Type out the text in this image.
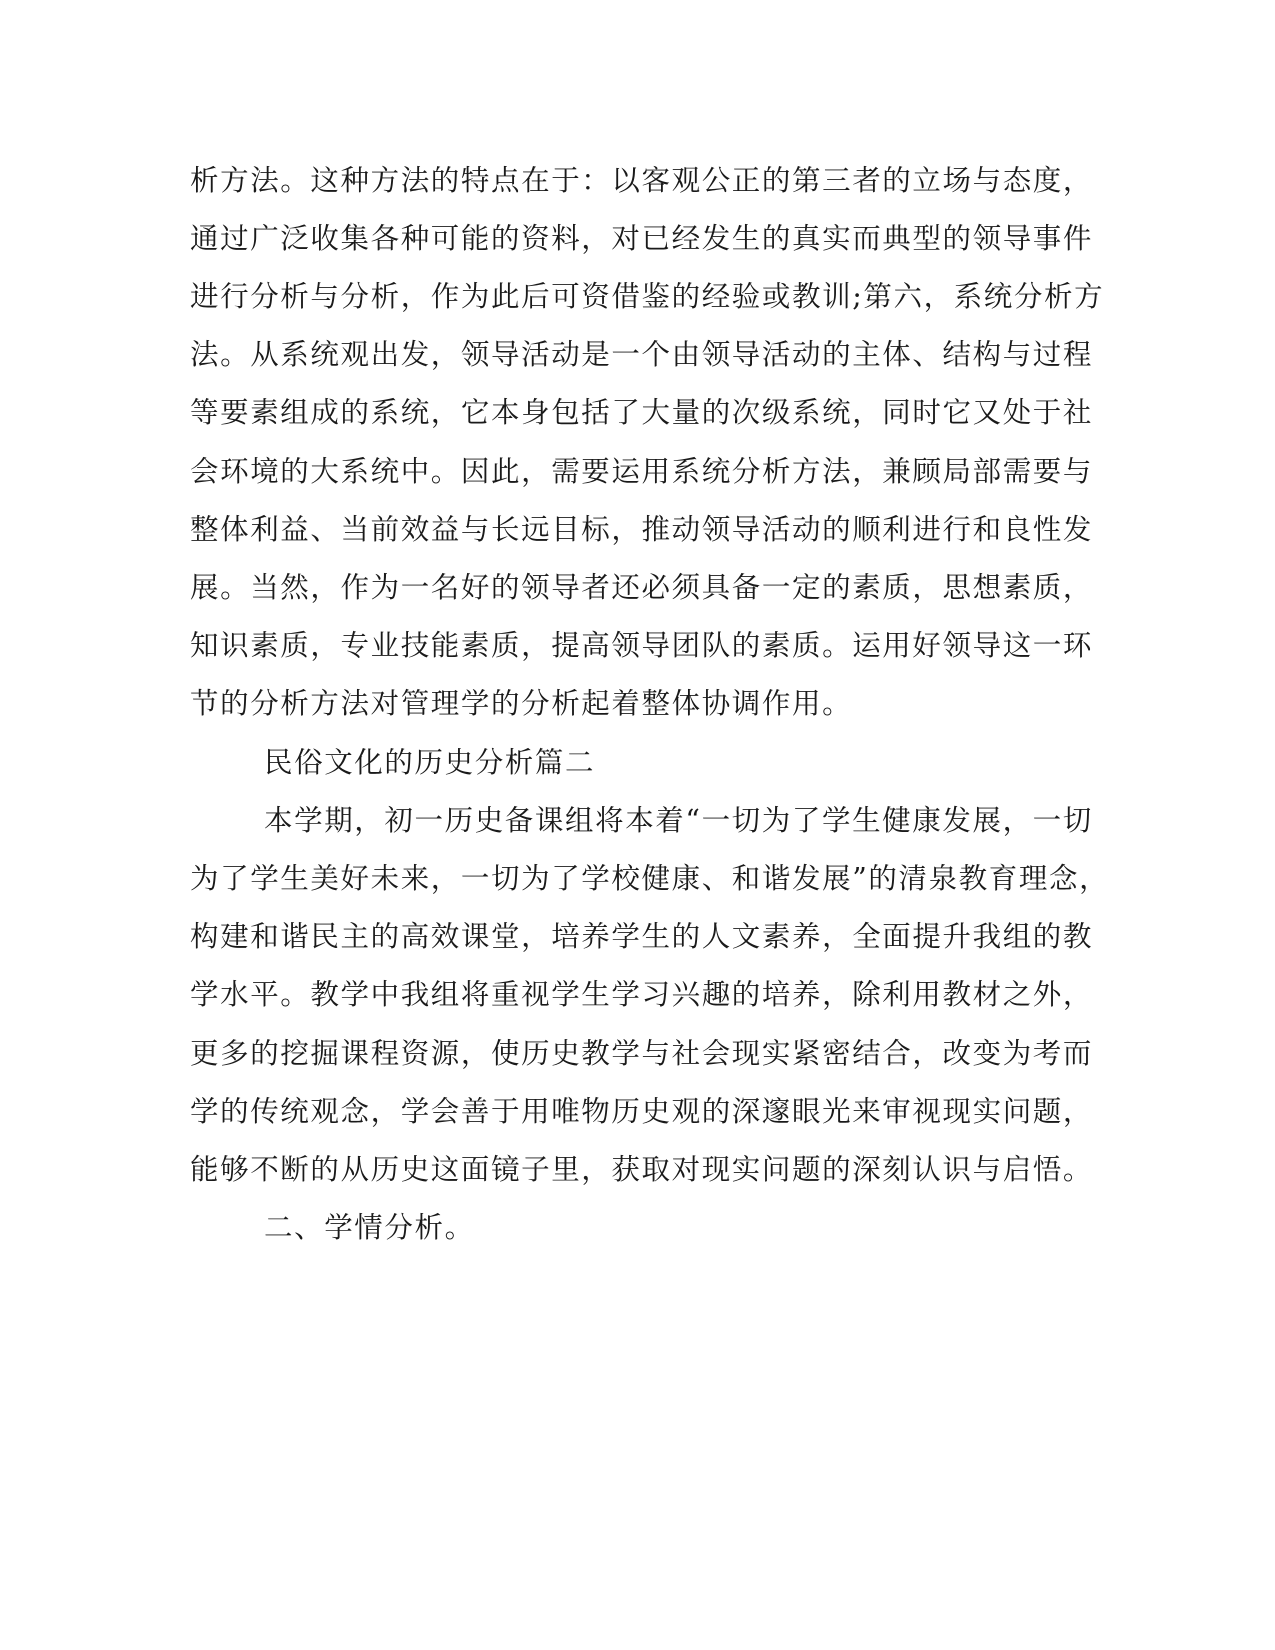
析方法。这种方法的特点在于：以客观公正的第三者的立场与态度，
通过广泛收集各种可能的资料，对已经发生的真实而典型的领导事件
进行分析与分析，作为此后可资借鉴的经验或教训;第六，系统分析方
法。从系统观出发，领导活动是一个由领导活动的主体、结构与过程
等要素组成的系统，它本身包括了大量的次级系统，同时它又处于社
会环境的大系统中。因此，需要运用系统分析方法，兼顾局部需要与
整体利益、当前效益与长远目标，推动领导活动的顺利进行和良性发
展。当然，作为一名好的领导者还必须具备一定的素质，思想素质，
知识素质，专业技能素质，提高领导团队的素质。运用好领导这一环
节的分析方法对管理学的分析起着整体协调作用。
民俗文化的历史分析篇二
本学期，初一历史备课组将本着“一切为了学生健康发展，一切
为了学生美好未来，一切为了学校健康、和谐发展”的清泉教育理念，
构建和谐民主的高效课堂，培养学生的人文素养，全面提升我组的教
学水平。教学中我组将重视学生学习兴趣的培养，除利用教材之外，
更多的挖掘课程资源，使历史教学与社会现实紧密结合，改变为考而
学的传统观念，学会善于用唯物历史观的深邃眼光来审视现实问题，
能够不断的从历史这面镜子里，获取对现实问题的深刻认识与启悟。
二、学情分析。
